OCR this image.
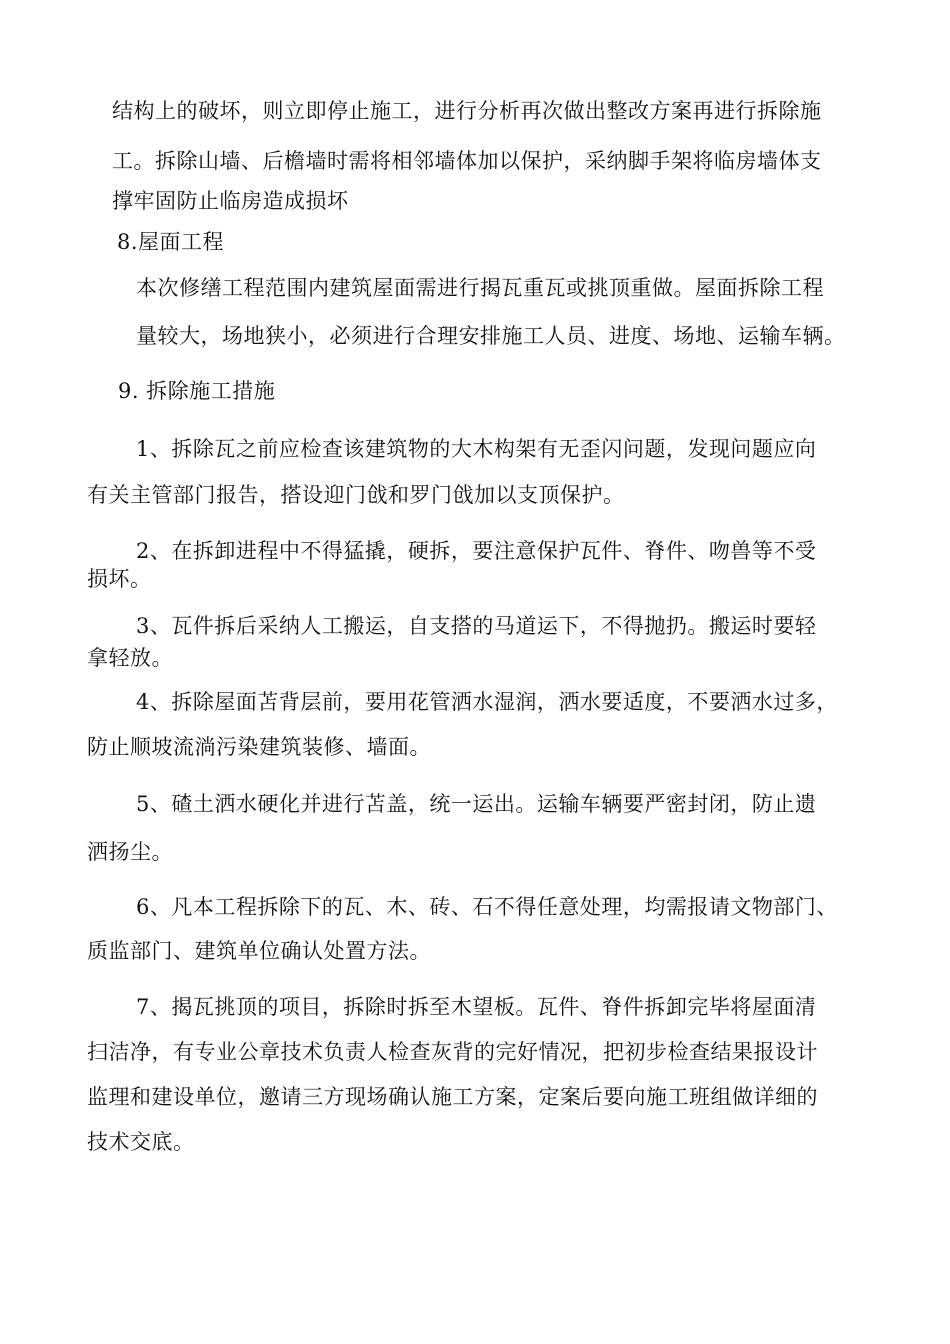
结构上的破坏，则立即停止施工，进行分析再次做出整改方案再进行拆除施
工。拆除山墙、后檐墙时需将相邻墙体加以保护，采纳脚手架将临房墙体支
撑牢固防止临房造成损坏
8.屋面工程
本次修缮工程范围内建筑屋面需进行揭瓦重瓦或挑顶重做。屋面拆除工程
量较大，场地狭小，必须进行合理安排施工人员、进度、场地、运输车辆。
9. 拆除施工措施
1、拆除瓦之前应检查该建筑物的大木构架有无歪闪问题，发现问题应向
有关主管部门报告，搭设迎门戗和罗门戗加以支顶保护。
2、在拆卸进程中不得猛撬，硬拆，要注意保护瓦件、脊件、吻兽等不受
损坏。
3、瓦件拆后采纳人工搬运，自支搭的马道运下，不得抛扔。搬运时要轻
拿轻放。
4、拆除屋面苫背层前，要用花管洒水湿润，洒水要适度，不要洒水过多，
防止顺坡流淌污染建筑装修、墙面。
5、碴土洒水硬化并进行苫盖，统一运出。运输车辆要严密封闭，防止遗
洒扬尘。
6、凡本工程拆除下的瓦、木、砖、石不得任意处理，均需报请文物部门、
质监部门、建筑单位确认处置方法。
7、揭瓦挑顶的项目，拆除时拆至木望板。瓦件、脊件拆卸完毕将屋面清
扫洁净，有专业公章技术负责人检查灰背的完好情况，把初步检查结果报设计
监理和建设单位，邀请三方现场确认施工方案，定案后要向施工班组做详细的
技术交底。
